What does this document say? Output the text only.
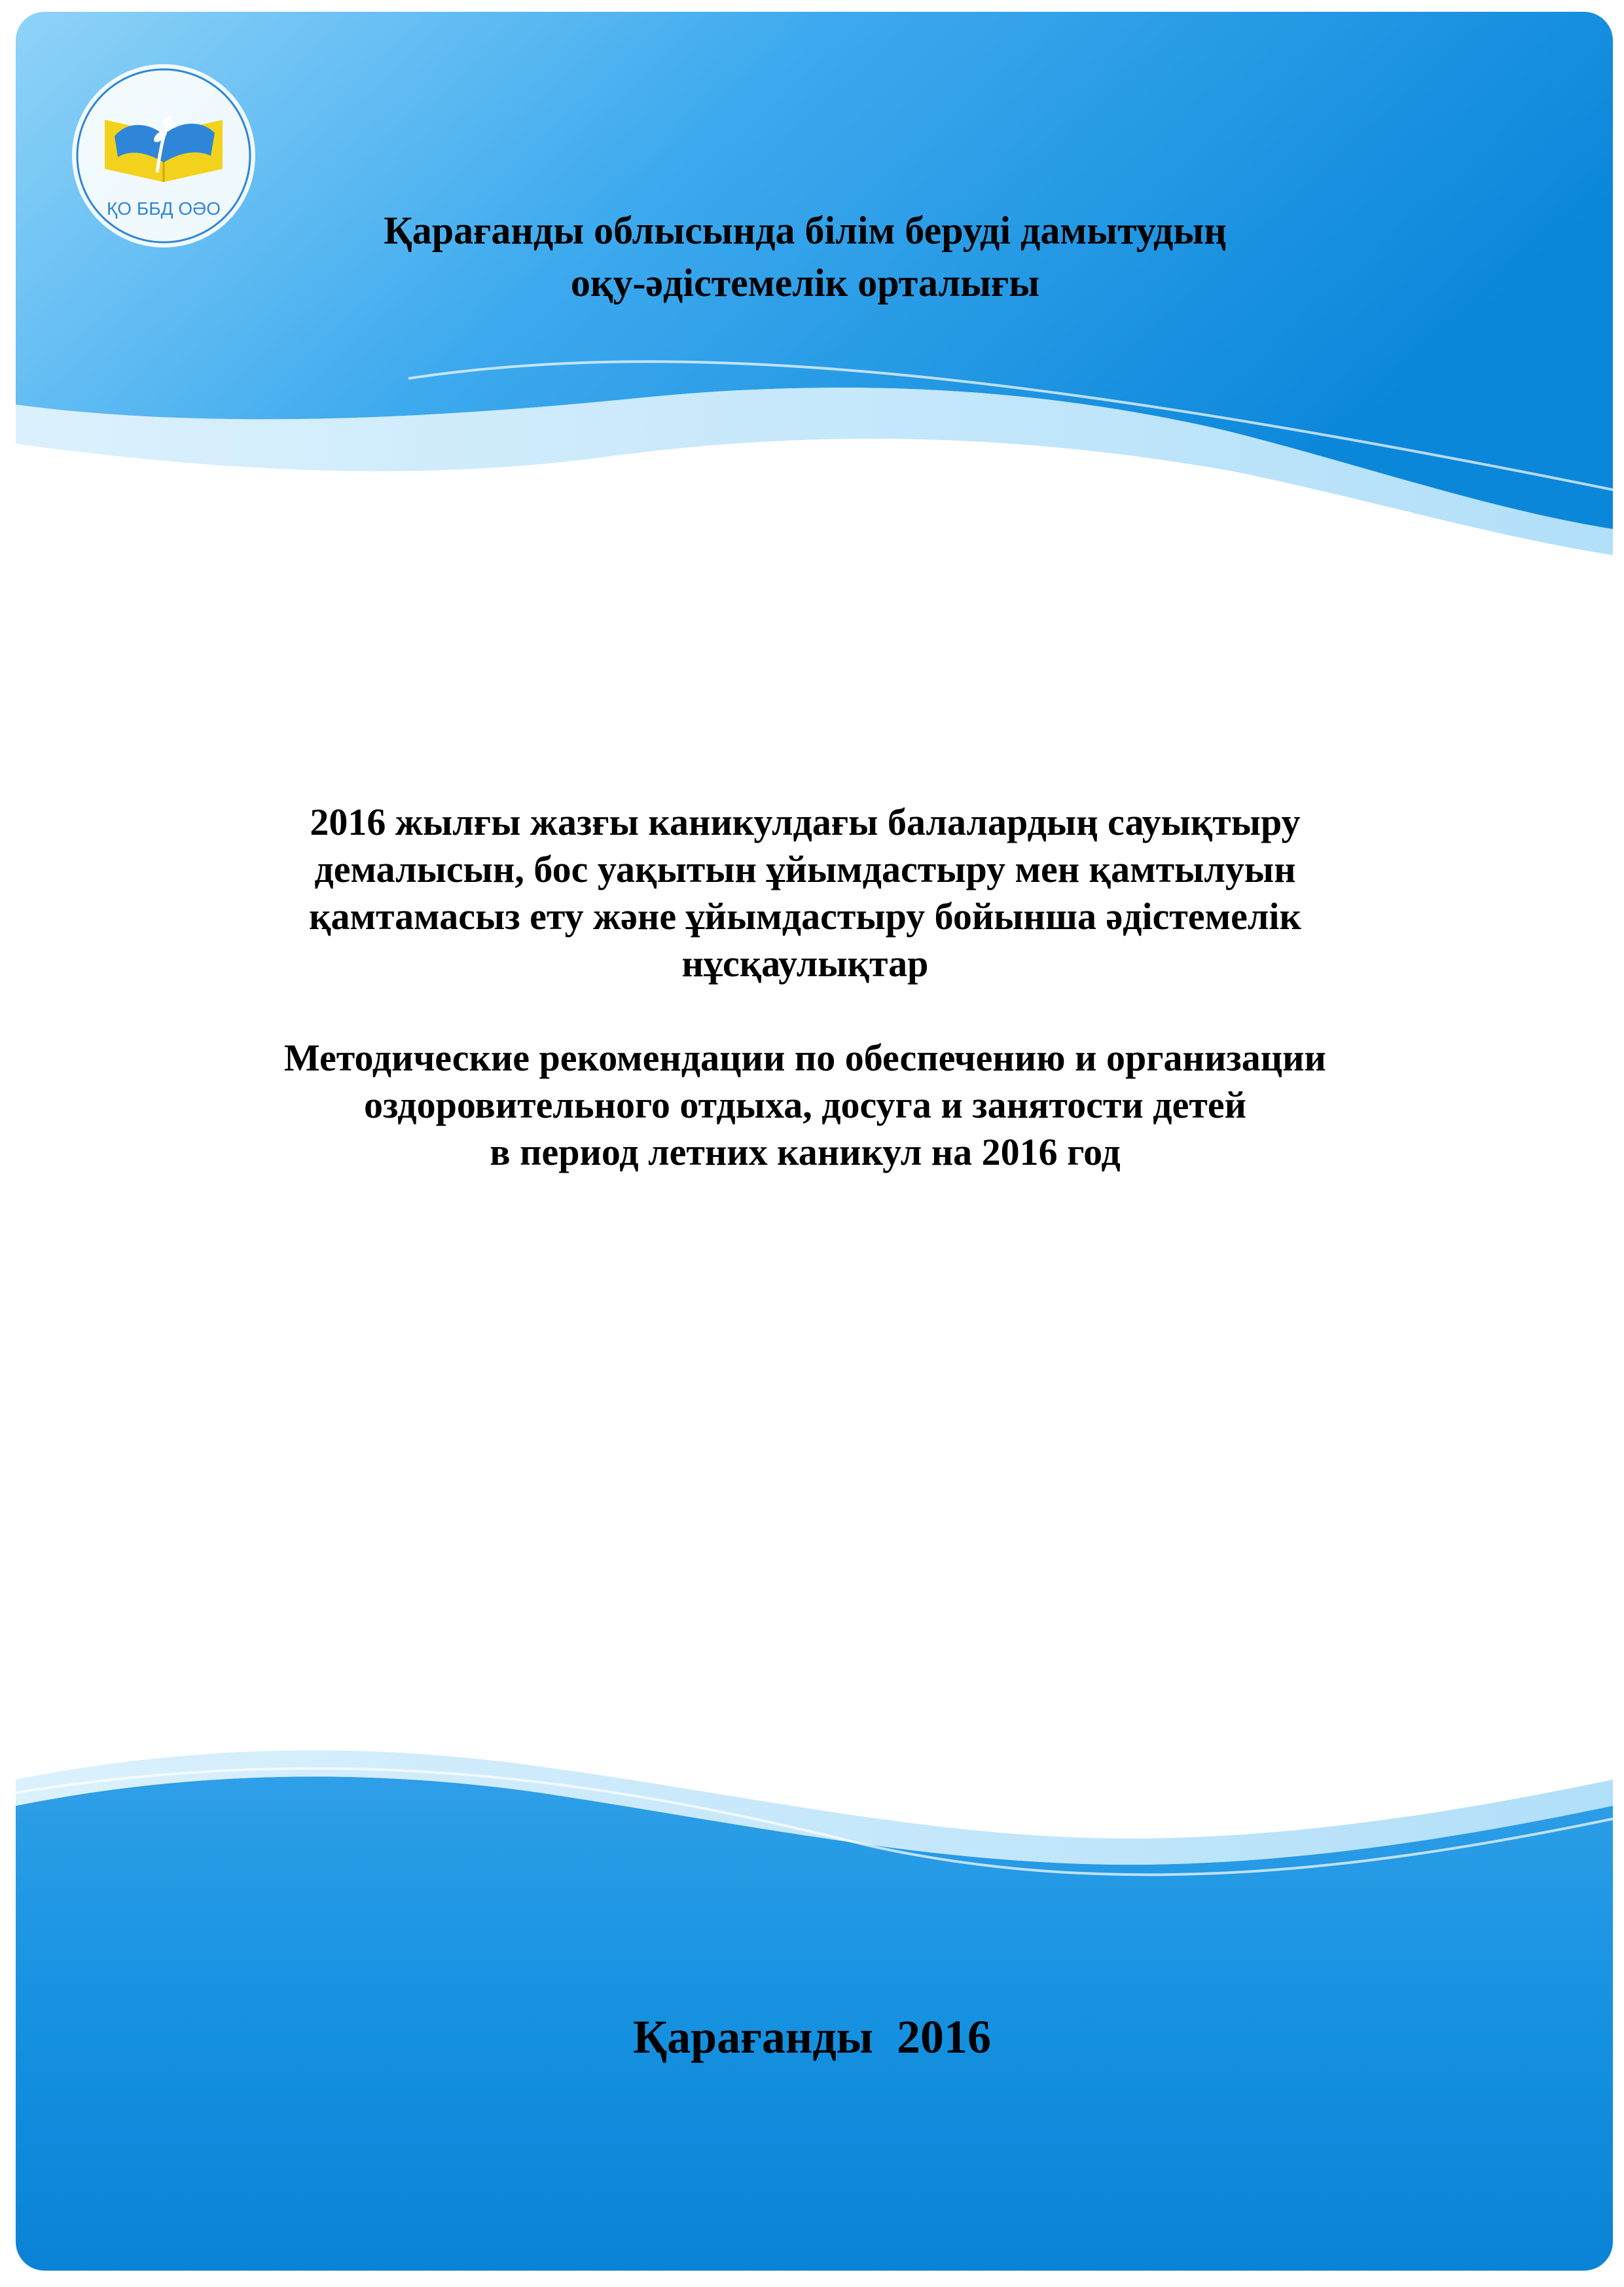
ҚО ББД ОӘО
Қарағанды облысында білім беруді дамытудың
оқу-әдістемелік орталығы
2016 жылғы жазғы каникулдағы балалардың сауықтыру
демалысын, бос уақытын ұйымдастыру мен қамтылуын
қамтамасыз ету және ұйымдастыру бойынша әдістемелік
нұсқаулықтар
Методические рекомендации по обеспечению и организации
оздоровительного отдыха, досуга и занятости детей
в период летних каникул на 2016 год
Қарағанды  2016
